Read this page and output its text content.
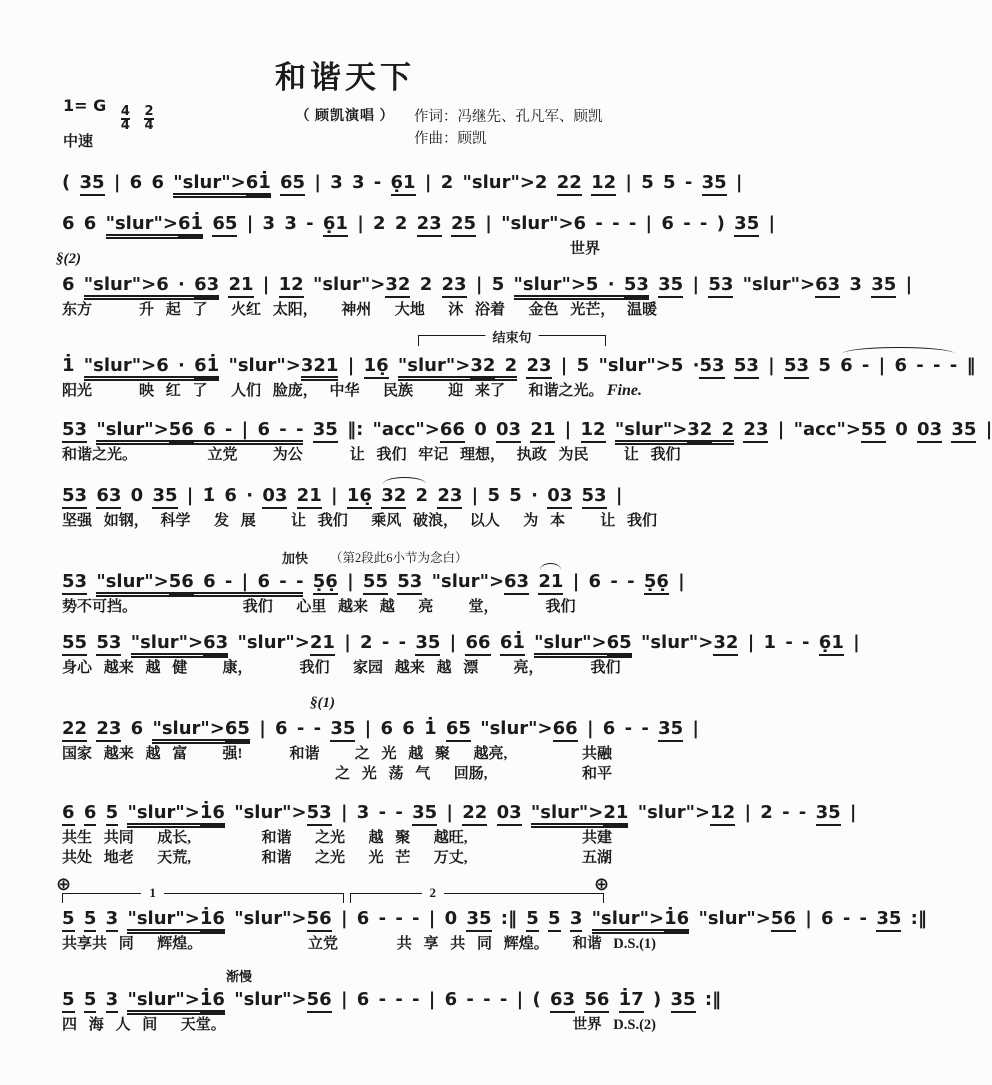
和谐天下
（ 顾凯演唱 ）
1= G
$\frac{4}{4}$
$\frac{2}{4}$
中速
作词：冯继先、孔凡军、顾凯
作曲：顾凯
( 35 | 6 6 "slur">61̇ 65 | 3 3 - 6̣1 | 2 "slur">2 22 12 | 5 5 - 35 |
6 6 "slur">61̇ 65 | 3 3 - 6̣1 | 2 2 23 25 | "slur">6 - - - | 6 - - ) 35 |
世界
§(2)
6 "slur">6 · 63 21 | 12 "slur">32 2 23 | 5 "slur">5 · 53 35 | 53 "slur">63 3 35 |
东方    升 起 了  火红 太阳，  神州  大地  沐 浴着  金色 光芒， 温暖
结束句
1̇ "slur">6 · 61̇ "slur">321 | 16̣ "slur">32 2 23 | 5 "slur">5 ·53 53 | 53 5 6 - | 6 - - - ‖
阳光    映 红 了  人们 脸庞， 中华  民族   迎 来了  和谐之光。 Fine.
53 "slur">56 6 - | 6 - - 35 ‖: "acc">66 0 03 21 | 12 "slur">32 2 23 | "acc">55 0 03 35 |
和谐之光。      立党   为公    让 我们 牢记 理想， 执政 为民   让 我们
53 63 0 35 | 1̇ 6 · 03 21 | 16̣ 32 2 23 | 5 5 · 03 53 |
坚强 如钢， 科学  发 展   让 我们  乘风 破浪， 以人  为 本   让 我们
加快 （第2段此6小节为念白）
53 "slur">56 6 - | 6 - - 5̣6̣ | 55 53 "slur">63 21 | 6 - - 5̣6̣ |
势不可挡。         我们  心里 越来 越  亮   堂，    我们
55 53 "slur">63 "slur">21 | 2 - - 35 | 66 61̇ "slur">65 "slur">32 | 1 - - 6̣1 |
身心 越来 越 健   康，    我们  家园 越来 越 漂   亮，    我们
§(1)
22 23 6 "slur">65 | 6 - - 35 | 6 6 1̇ 65 "slur">66 | 6 - - 35 |
国家 越来 越 富   强!    和谐   之 光 越 聚  越亮,	共融
之 光 荡 气  回肠,	和平
6 6 5 "slur">1̇6 "slur">53 | 3 - - 35 | 22 03 "slur">21 "slur">12 | 2 - - 35 |
共生 共同  成长,      和谐  之光  越 聚  越旺,	共建
共处 地老  天荒,      和谐  之光  光 芒  万丈,	五湖
⊕	⊕
1	2
5 5 3 "slur">1̇6 "slur">56 | 6 - - - | 0 35 :‖ 5 5 3 "slur">1̇6 "slur">56 | 6 - - 35 :‖
共享共 同  辉煌。         立党     共 享 共 同 辉煌。 和谐 D.S.(1)
渐慢
5 5 3 "slur">1̇6 "slur">56 | 6 - - - | 6 - - - | ( 63 56 1̇7 ) 35 :‖
四 海 人 间  天堂。	世界 D.S.(2)
